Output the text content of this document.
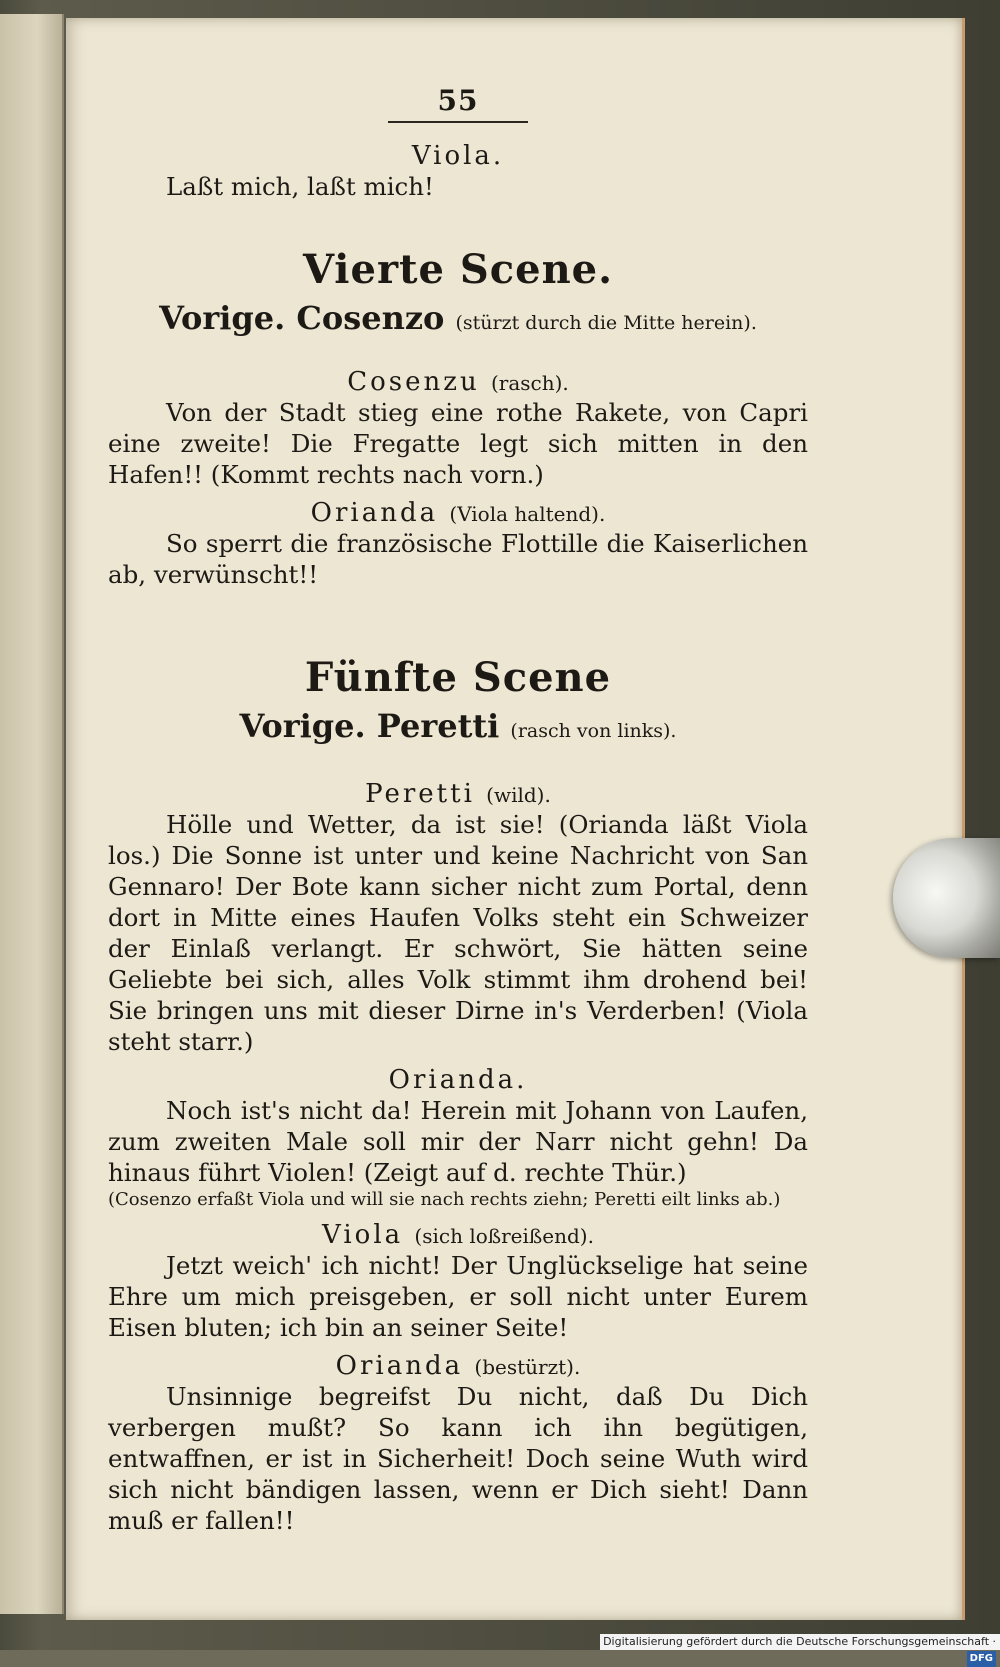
55
Viola.

Laßt mich, laßt mich!

Vierte Scene.
Vorige. Cosenzo (stürzt durch die Mitte herein).
Cosenzu (rasch).

Von der Stadt stieg eine rothe Rakete, von Capri eine zweite! Die Fregatte legt sich mitten in den Hafen!! (Kommt rechts nach vorn.)

Orianda (Viola haltend).

So sperrt die französische Flottille die Kaiserlichen ab, verwünscht!!

Fünfte Scene
Vorige. Peretti (rasch von links).
Peretti (wild).

Hölle und Wetter, da ist sie! (Orianda läßt Viola los.) Die Sonne ist unter und keine Nachricht von San Gennaro! Der Bote kann sicher nicht zum Portal, denn dort in Mitte eines Haufen Volks steht ein Schweizer der Einlaß verlangt. Er schwört, Sie hätten seine Geliebte bei sich, alles Volk stimmt ihm drohend bei! Sie bringen uns mit dieser Dirne in's Verderben! (Viola steht starr.)

Orianda.

Noch ist's nicht da! Herein mit Johann von Laufen, zum zweiten Male soll mir der Narr nicht gehn! Da hinaus führt Violen! (Zeigt auf d. rechte Thür.)

(Cosenzo erfaßt Viola und will sie nach rechts ziehn; Peretti eilt links ab.)

Viola (sich loßreißend).

Jetzt weich' ich nicht! Der Unglückselige hat seine Ehre um mich preisgeben, er soll nicht unter Eurem Eisen bluten; ich bin an seiner Seite!

Orianda (bestürzt).

Unsinnige begreifst Du nicht, daß Du Dich verbergen mußt? So kann ich ihn begütigen, entwaffnen, er ist in Sicherheit! Doch seine Wuth wird sich nicht bändigen lassen, wenn er Dich sieht! Dann muß er fallen!!

Digitalisierung gefördert durch die Deutsche Forschungsgemeinschaft ·DFG
